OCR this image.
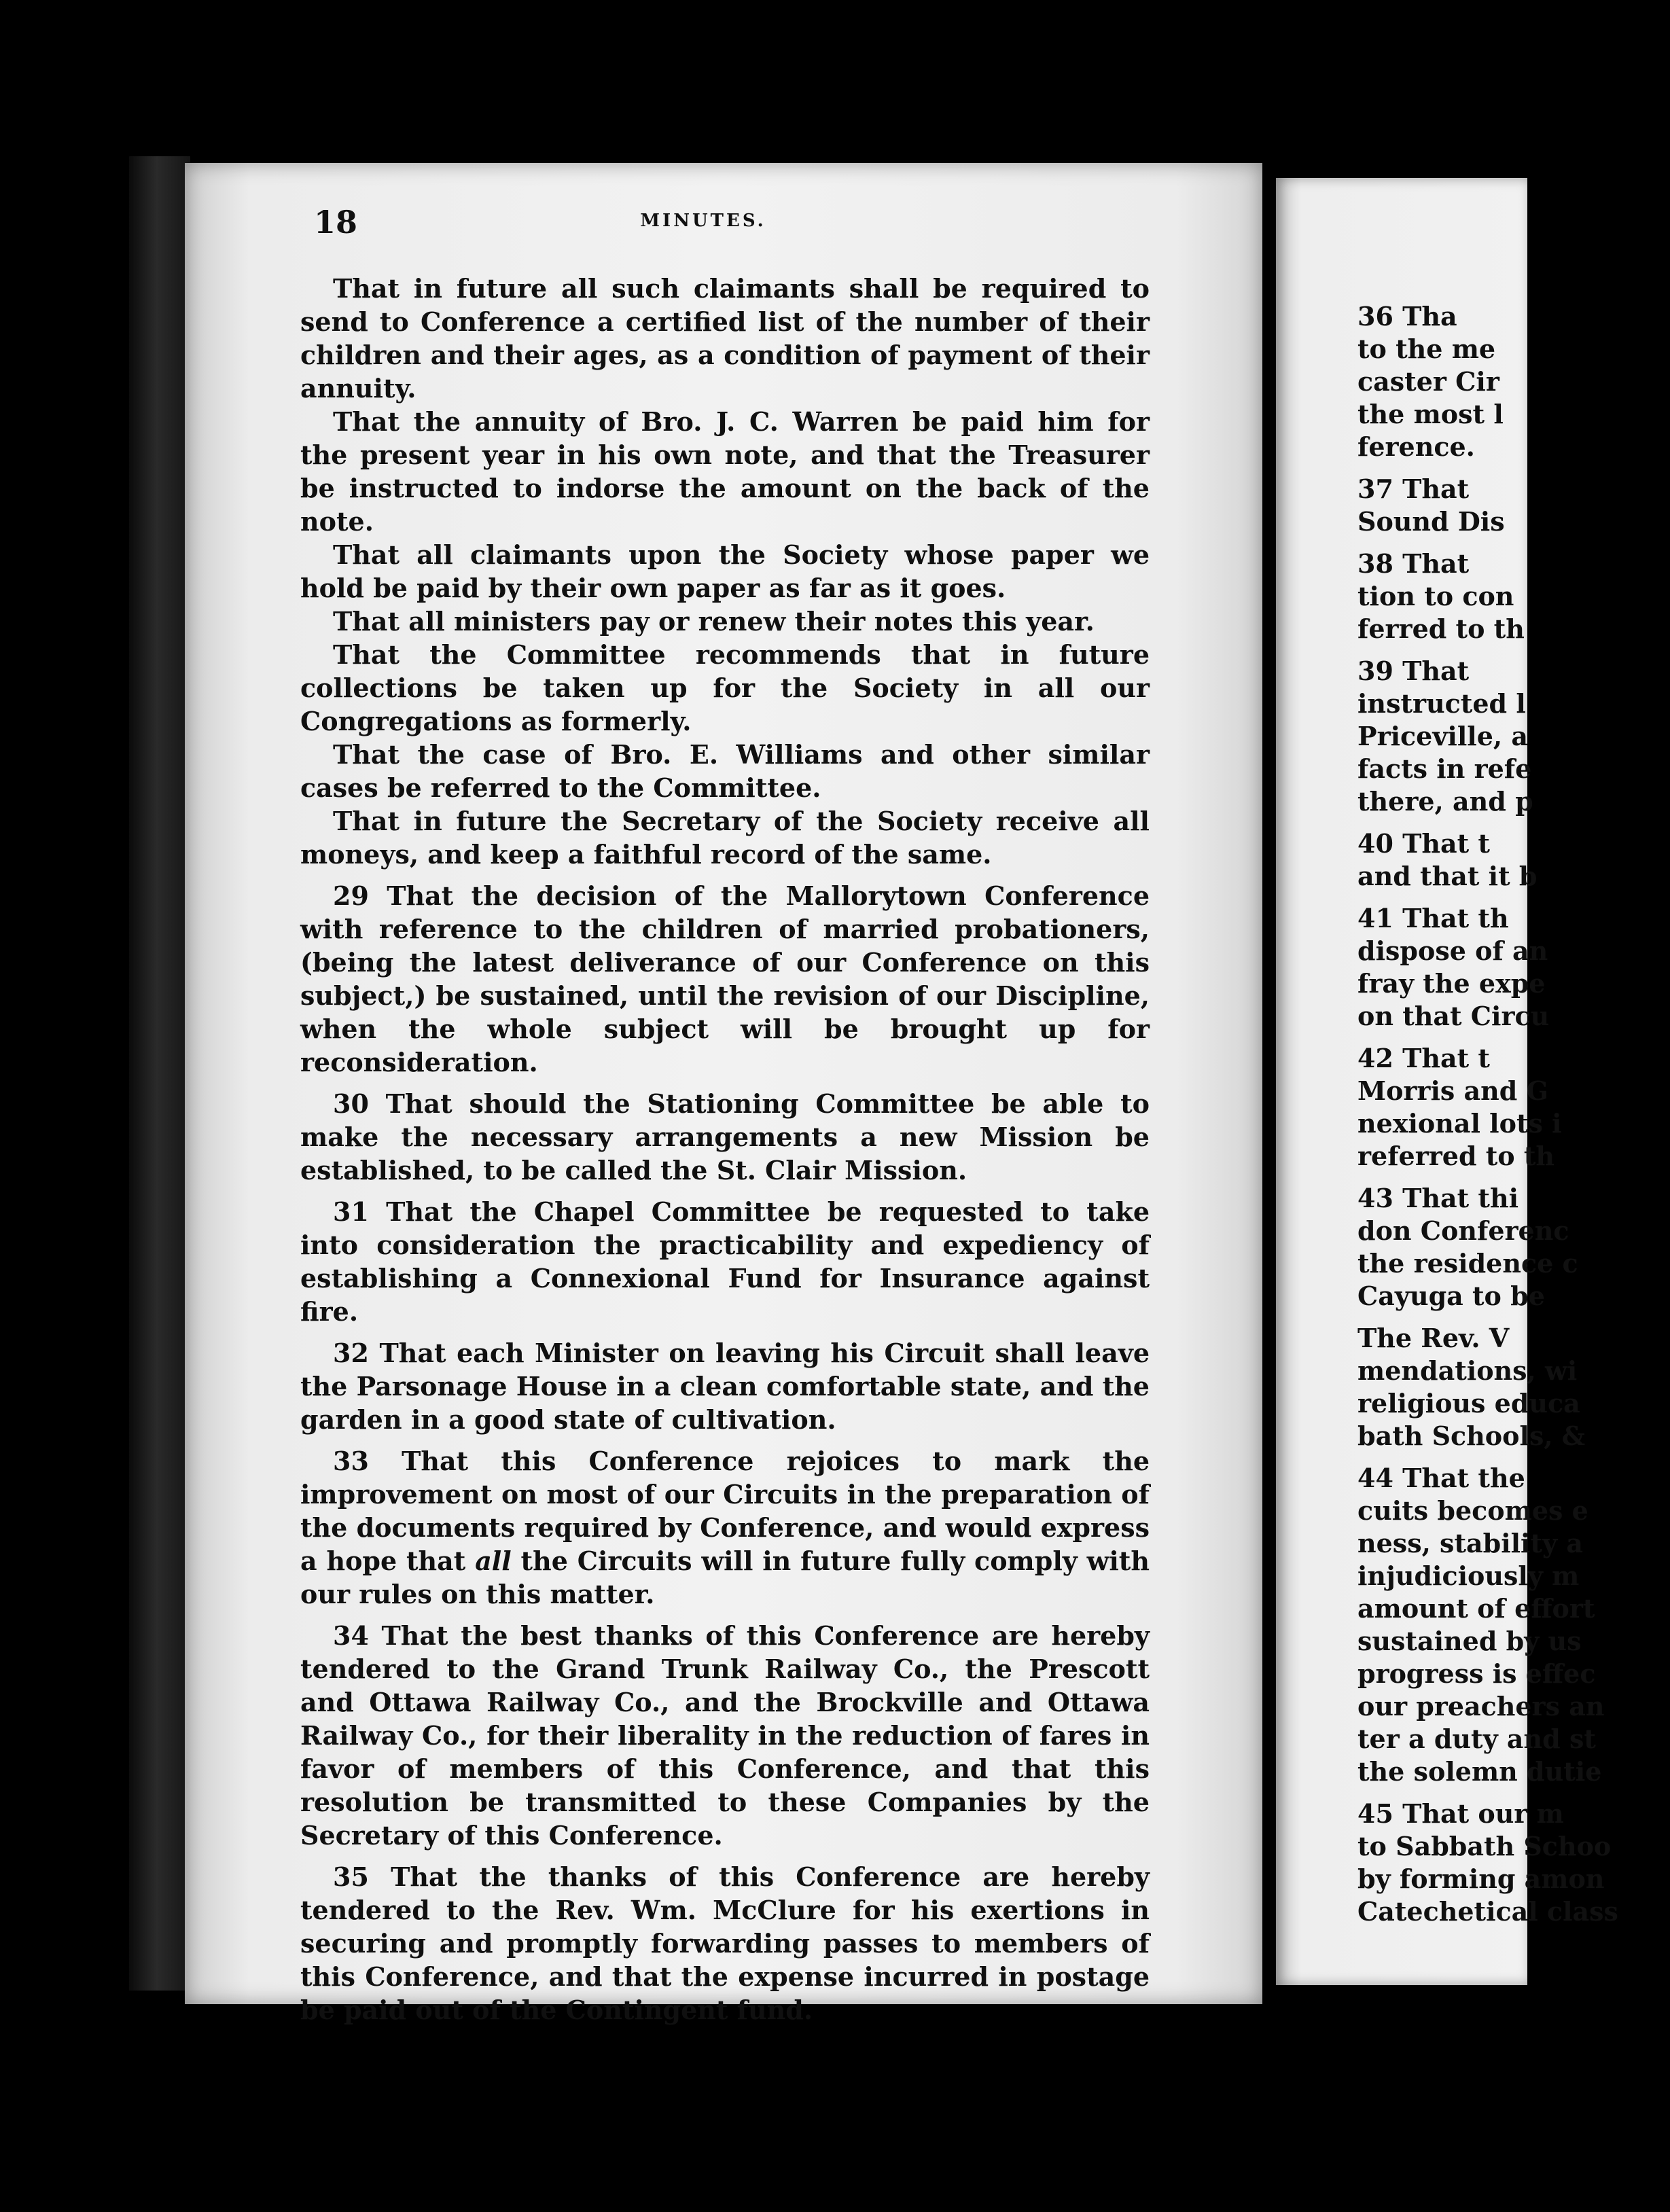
18	MINUTES.

That in future all such claimants shall be required to send to Conference a certified list of the number of their children and their ages, as a condition of payment of their annuity.

That the annuity of Bro. J. C. Warren be paid him for the present year in his own note, and that the Treasurer be instructed to indorse the amount on the back of the note.

That all claimants upon the Society whose paper we hold be paid by their own paper as far as it goes.

That all ministers pay or renew their notes this year.

That the Committee recommends that in future collections be taken up for the Society in all our Congregations as formerly.

That the case of Bro. E. Williams and other similar cases be referred to the Committee.

That in future the Secretary of the Society receive all moneys, and keep a faithful record of the same.

29 That the decision of the Mallorytown Conference with reference to the children of married probationers, (being the latest deliverance of our Conference on this subject,) be sustained, until the revision of our Discipline, when the whole subject will be brought up for reconsideration.

30 That should the Stationing Committee be able to make the necessary arrangements a new Mission be established, to be called the St. Clair Mission.

31 That the Chapel Committee be requested to take into consideration the practicability and expediency of establishing a Connexional Fund for Insurance against fire.

32 That each Minister on leaving his Circuit shall leave the Parsonage House in a clean comfortable state, and the garden in a good state of cultivation.

33 That this Conference rejoices to mark the improvement on most of our Circuits in the preparation of the documents required by Conference, and would express a hope that all the Circuits will in future fully comply with our rules on this matter.

34 That the best thanks of this Conference are hereby tendered to the Grand Trunk Railway Co., the Prescott and Ottawa Railway Co., and the Brockville and Ottawa Railway Co., for their liberality in the reduction of fares in favor of members of this Conference, and that this resolution be transmitted to these Companies by the Secretary of this Conference.

35 That the thanks of this Conference are hereby tendered to the Rev. Wm. McClure for his exertions in securing and promptly forwarding passes to members of this Conference, and that the expense incurred in postage be paid out of the Contingent fund.

36 Tha
to the me
caster Cir
the most l
ference.
37 That
Sound Dis
38 That
tion to con
ferred to th
39 That
instructed l
Priceville, a
facts in refe
there, and p
40 That t
and that it b
41 That th
dispose of an
fray the expe
on that Circu
42 That t
Morris and G
nexional lots i
referred to th
43 That thi
don Conferenc
the residence c
Cayuga to be
The Rev. V
mendations, wi
religious educa
bath Schools, &
44 That the
cuits becomes e
ness, stability a
injudiciously m
amount of effort
sustained by us
progress is effec
our preachers an
ter a duty and st
the solemn dutie
45 That our m
to Sabbath Schoo
by forming amon
Catechetical class
